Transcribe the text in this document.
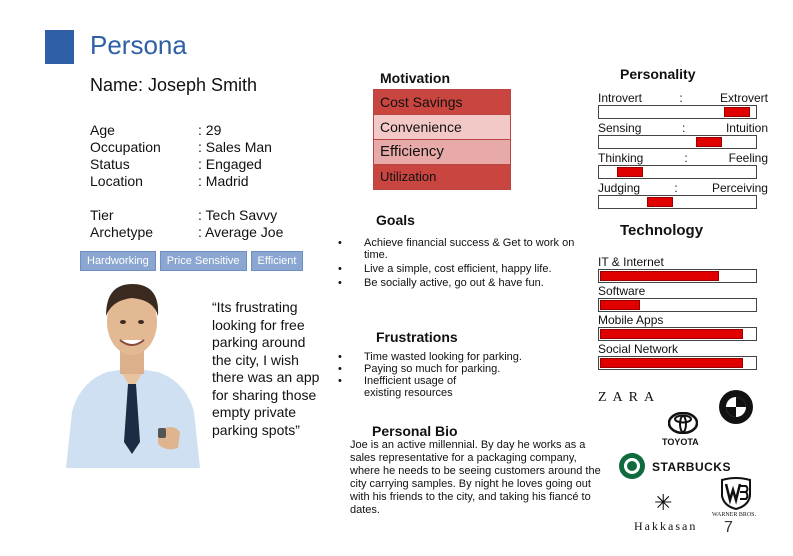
Persona
Name: Joseph Smith
Age	: 29
Occupation	: Sales Man
Status	: Engaged
Location	: Madrid
Tier	: Tech Savvy
Archetype	: Average Joe
Hardworking	Price Sensitive	Efficient
“Its frustrating looking for free parking around the city, I wish there was an app for sharing those empty private parking spots”
Motivation
Cost Savings
Convenience
Efficiency
Utilization
Goals
• Achieve financial success & Get to work on time.
• Live a simple, cost efficient, happy life.
• Be socially active, go out & have fun.
Frustrations
• Time wasted looking for parking.
• Paying so much for parking.
• Inefficient usage of existing resources
Personal Bio
Joe is an active millennial. By day he works as a sales representative for a packaging company, where he needs to be seeing customers around the city carrying samples. By night he loves going out with his friends to the city, and taking his fiancé to dates.
Personality
Introvert	:	Extrovert
Sensing	:	Intuition
Thinking	:	Feeling
Judging	:	Perceiving
Technology
IT & Internet
Software
Mobile Apps
Social Network
ZARA
TOYOTA
STARBUCKS
✳
Hakkasan
WARNER BROS.
7
